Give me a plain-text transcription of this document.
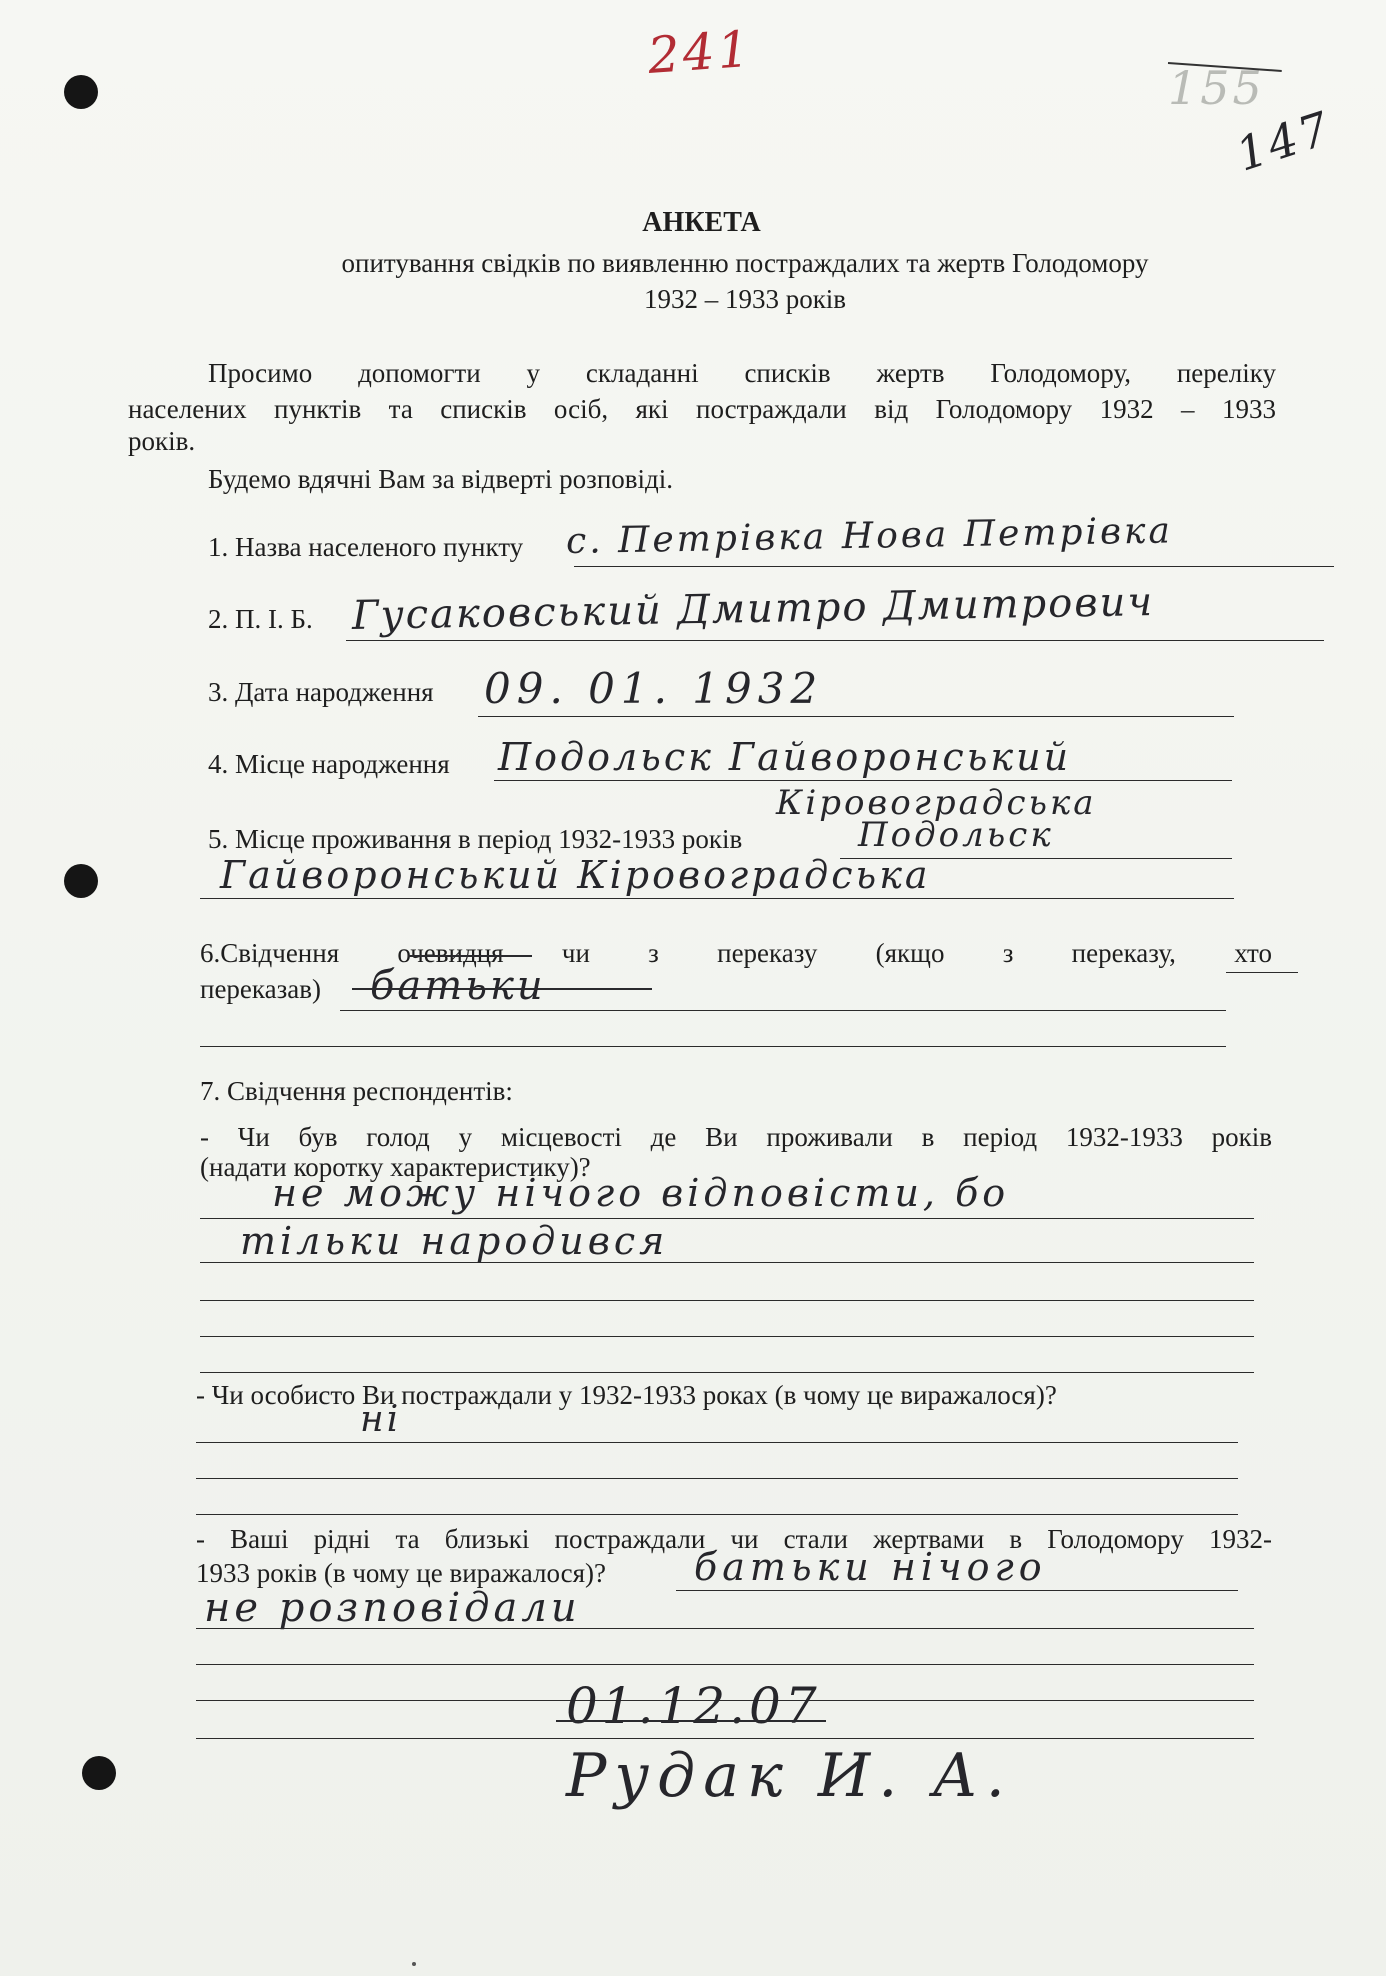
241
155
147
АНКЕТА
опитування свідків по виявленню постраждалих та жертв Голодомору
1932 – 1933 років
Просимо допомогти у складанні списків жертв Голодомору, переліку
населених пунктів та списків осіб, які постраждали від Голодомору 1932 – 1933
років.
Будемо вдячні Вам за відверті розповіді.
1. Назва населеного пункту с. Петрівка Нова Петрівка
2. П. І. Б. Гусаковський Дмитро Дмитрович
3. Дата народження 09. 01. 1932
4. Місце народження Подольск Гайворонський
Кіровоградська
5. Місце проживання в період 1932-1933 років	Подольск
Гайворонський Кіровоградська
6.Свідчення очевидця чи з переказу (якщо з переказу, хто
переказав) батьки
7. Свідчення респондентів:
- Чи був голод у місцевості де Ви проживали в період 1932-1933 років
(надати коротку характеристику)?
не можу нічого відповісти, бо
тільки народився
- Чи особисто Ви постраждали у 1932-1933 роках (в чому це виражалося)?
ні
- Ваші рідні та близькі постраждали чи стали жертвами в Голодомору 1932-
1933 років (в чому це виражалося)? батьки нічого
не розповідали
01.12.07
Рудак И. А.
